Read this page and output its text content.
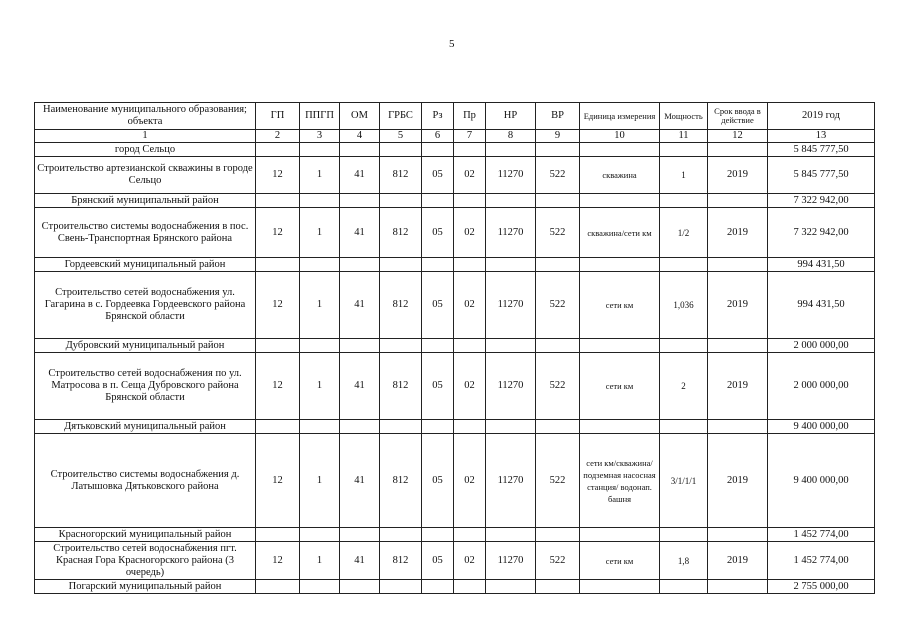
5
Наименование муниципального образования; объекта	ГП	ППГП	ОМ	ГРБС	Рз	Пр	НР	ВР	Единица измерения	Мощность	Срок ввода в действие	2019 год
1	2	3	4	5	6	7	8	9	10	11	12	13
город Сельцо												5 845 777,50
Строительство артезианской скважины в городе Сельцо	12	1	41	812	05	02	11270	522	скважина	1	2019	5 845 777,50
Брянский муниципальный район												7 322 942,00
Строительство системы водоснабжения в пос. Свень-Транспортная Брянского района	12	1	41	812	05	02	11270	522	скважина/сети км	1/2	2019	7 322 942,00
Гордеевский муниципальный район												994 431,50
Строительство сетей водоснабжения ул. Гагарина в с. Гордеевка Гордеевского района Брянской области	12	1	41	812	05	02	11270	522	сети км	1,036	2019	994 431,50
Дубровский муниципальный район												2 000 000,00
Строительство сетей водоснабжения по ул. Матросова в п. Сеща Дубровского района Брянской области	12	1	41	812	05	02	11270	522	сети км	2	2019	2 000 000,00
Дятьковский муниципальный район												9 400 000,00
Строительство системы водоснабжения д. Латышовка Дятьковского района	12	1	41	812	05	02	11270	522	сети км/скважина/ подземная насосная станция/ водонап. башня	3/1/1/1	2019	9 400 000,00
Красногорский муниципальный район												1 452 774,00
Строительство сетей водоснабжения пгт. Красная Гора Красногорского района (3 очередь)	12	1	41	812	05	02	11270	522	сети км	1,8	2019	1 452 774,00
Погарский муниципальный район												2 755 000,00
